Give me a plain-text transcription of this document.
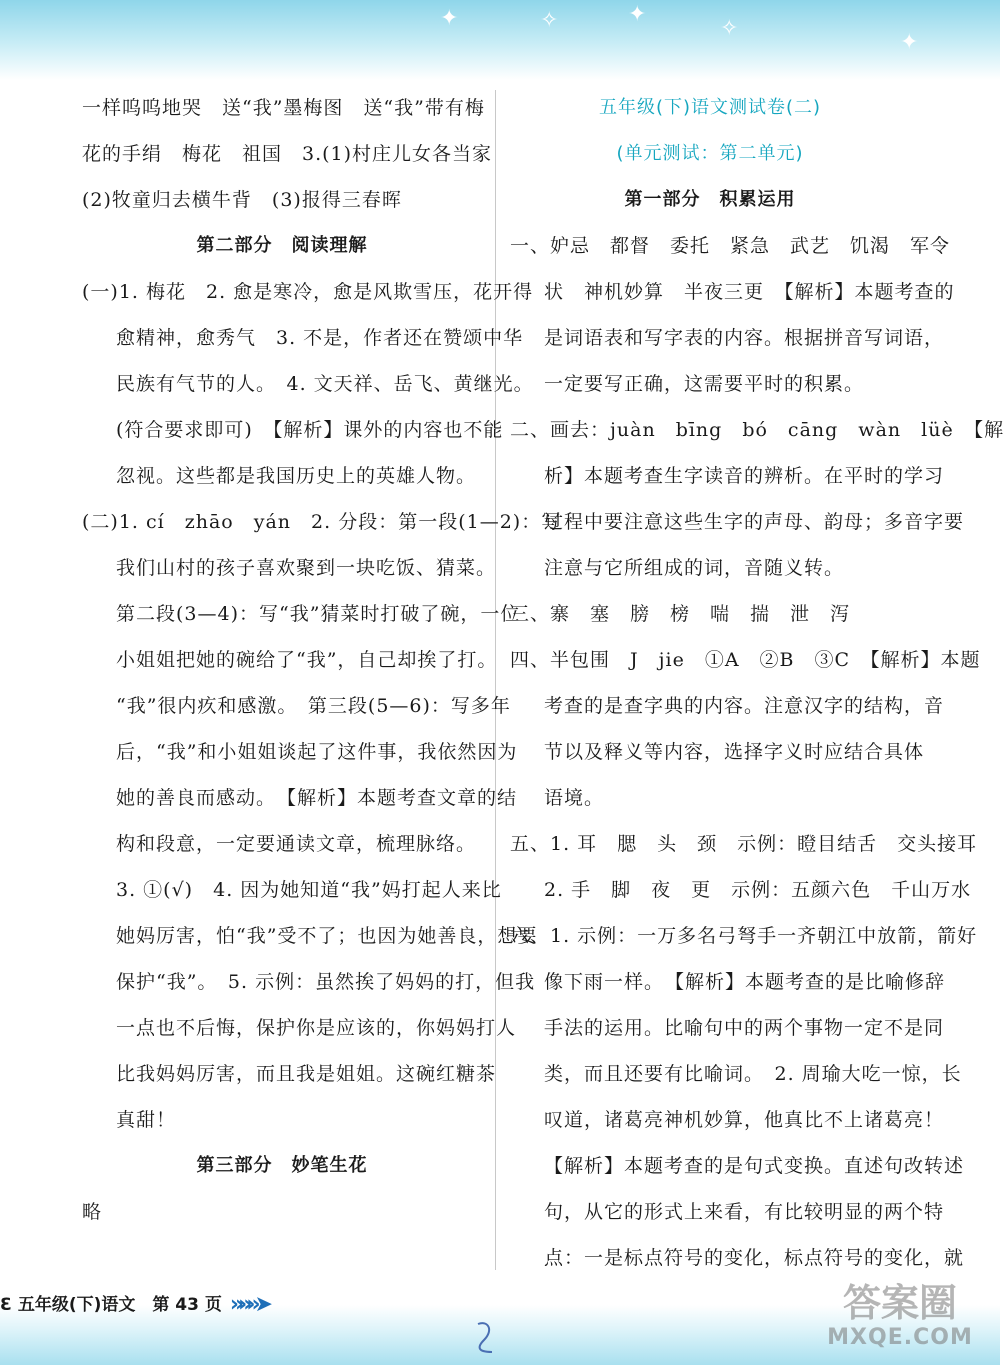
✦	✧	✦
✧
✦
一样呜呜地哭　送“我”墨梅图　送“我”带有梅
花的手绢　梅花　祖国　3.(1)村庄儿女各当家
(2)牧童归去横牛背　(3)报得三春晖
第二部分　阅读理解
(一)1. 梅花　2. 愈是寒冷，愈是风欺雪压，花开得
愈精神，愈秀气　3. 不是，作者还在赞颂中华
民族有气节的人。　4. 文天祥、岳飞、黄继光。
(符合要求即可)　【解析】课外的内容也不能
忽视。这些都是我国历史上的英雄人物。
(二)1. cí　zhāo　yán　2. 分段：第一段(1—2)：写
我们山村的孩子喜欢聚到一块吃饭、猜菜。
第二段(3—4)：写“我”猜菜时打破了碗，一位
小姐姐把她的碗给了“我”，自己却挨了打。
“我”很内疚和感激。　第三段(5—6)：写多年
后，“我”和小姐姐谈起了这件事，我依然因为
她的善良而感动。　【解析】本题考查文章的结
构和段意，一定要通读文章，梳理脉络。
3. ①(√)　4. 因为她知道“我”妈打起人来比
她妈厉害，怕“我”受不了；也因为她善良，想要
保护“我”。　5. 示例：虽然挨了妈妈的打，但我
一点也不后悔，保护你是应该的，你妈妈打人
比我妈妈厉害，而且我是姐姐。这碗红糖茶
真甜！
第三部分　妙笔生花
略
五年级(下)语文测试卷(二)
(单元测试：第二单元)
第一部分　积累运用
一、妒忌　都督　委托　紧急　武艺　饥渴　军令
状　神机妙算　半夜三更　【解析】本题考查的
是词语表和写字表的内容。根据拼音写词语，
一定要写正确，这需要平时的积累。
二、画去：juàn　bīng　bó　cāng　wàn　lüè　【解
析】本题考查生字读音的辨析。在平时的学习
过程中要注意这些生字的声母、韵母；多音字要
注意与它所组成的词，音随义转。
三、寨　塞　膀　榜　喘　揣　泄　泻
四、半包围　J　jie　①A　②B　③C　【解析】本题
考查的是查字典的内容。注意汉字的结构，音
节以及释义等内容，选择字义时应结合具体
语境。
五、1. 耳　腮　头　颈　示例：瞪目结舌　交头接耳
2. 手　脚　夜　更　示例：五颜六色　千山万水
六、1. 示例：一万多名弓弩手一齐朝江中放箭，箭好
像下雨一样。　【解析】本题考查的是比喻修辞
手法的运用。比喻句中的两个事物一定不是同
类，而且还要有比喻词。　2. 周瑜大吃一惊，长
叹道，诸葛亮神机妙算，他真比不上诸葛亮！
【解析】本题考查的是句式变换。直述句改转述
句，从它的形式上来看，有比较明显的两个特
点：一是标点符号的变化，标点符号的变化，就
Ɛ 五年级(下)语文　第 43 页 »»»➤	答案圈
MXQE.COM
